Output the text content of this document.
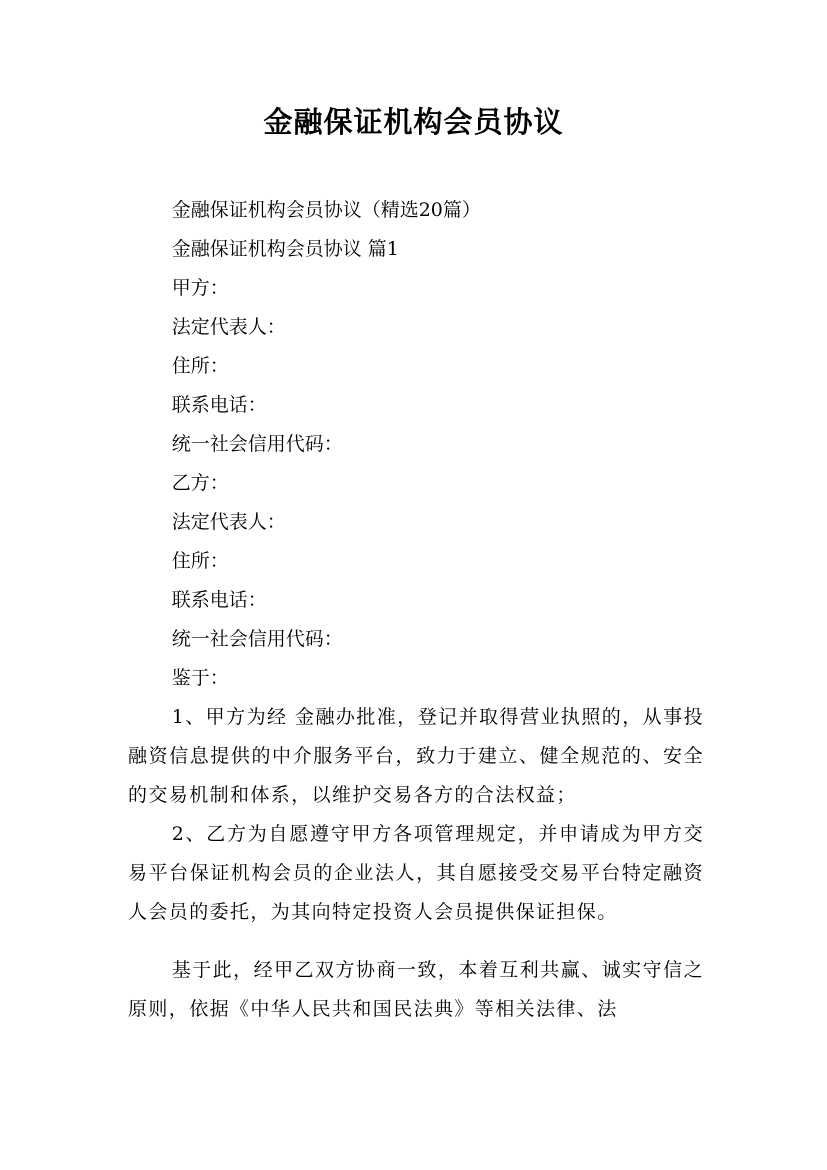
金融保证机构会员协议
金融保证机构会员协议（精选20篇）
金融保证机构会员协议 篇1
甲方：
法定代表人：
住所：
联系电话：
统一社会信用代码：
乙方：
法定代表人：
住所：
联系电话：
统一社会信用代码：
鉴于：

1、甲方为经 金融办批准，登记并取得营业执照的，从事投融资信息提供的中介服务平台，致力于建立、健全规范的、安全的交易机制和体系，以维护交易各方的合法权益；

2、乙方为自愿遵守甲方各项管理规定，并申请成为甲方交易平台保证机构会员的企业法人，其自愿接受交易平台特定融资人会员的委托，为其向特定投资人会员提供保证担保。

基于此，经甲乙双方协商一致，本着互利共赢、诚实守信之原则，依据《中华人民共和国民法典》等相关法律、法
